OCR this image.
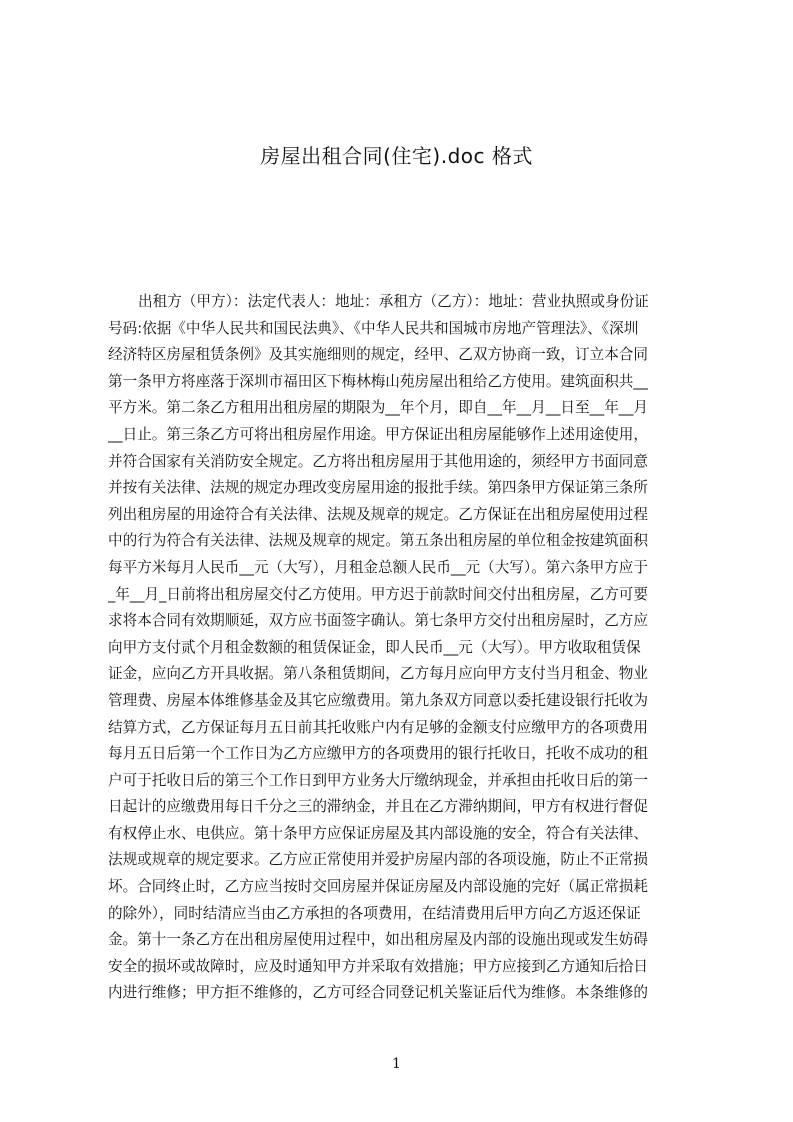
房屋出租合同(住宅).doc 格式
出租方（甲方）：法定代表人：地址：承租方（乙方）：地址：营业执照或身份证
号码:依据《中华人民共和国民法典》、《中华人民共和国城市房地产管理法》、《深圳
经济特区房屋租赁条例》及其实施细则的规定，经甲、乙双方协商一致，订立本合同
第一条甲方将座落于深圳市福田区下梅林梅山苑房屋出租给乙方使用。建筑面积共__
平方米。第二条乙方租用出租房屋的期限为__年个月，即自__年__月__日至__年__月
__日止。第三条乙方可将出租房屋作用途。甲方保证出租房屋能够作上述用途使用，
并符合国家有关消防安全规定。乙方将出租房屋用于其他用途的，须经甲方书面同意
并按有关法律、法规的规定办理改变房屋用途的报批手续。第四条甲方保证第三条所
列出租房屋的用途符合有关法律、法规及规章的规定。乙方保证在出租房屋使用过程
中的行为符合有关法律、法规及规章的规定。第五条出租房屋的单位租金按建筑面积
每平方米每月人民币__元（大写），月租金总额人民币__元（大写）。第六条甲方应于
_年__月_日前将出租房屋交付乙方使用。甲方迟于前款时间交付出租房屋，乙方可要
求将本合同有效期顺延，双方应书面签字确认。第七条甲方交付出租房屋时，乙方应
向甲方支付贰个月租金数额的租赁保证金，即人民币__元（大写）。甲方收取租赁保
证金，应向乙方开具收据。第八条租赁期间，乙方每月应向甲方支付当月租金、物业
管理费、房屋本体维修基金及其它应缴费用。第九条双方同意以委托建设银行托收为
结算方式，乙方保证每月五日前其托收账户内有足够的金额支付应缴甲方的各项费用
每月五日后第一个工作日为乙方应缴甲方的各项费用的银行托收日，托收不成功的租
户可于托收日后的第三个工作日到甲方业务大厅缴纳现金，并承担由托收日后的第一
日起计的应缴费用每日千分之三的滞纳金，并且在乙方滞纳期间，甲方有权进行督促
有权停止水、电供应。第十条甲方应保证房屋及其内部设施的安全，符合有关法律、
法规或规章的规定要求。乙方应正常使用并爱护房屋内部的各项设施，防止不正常损
坏。合同终止时，乙方应当按时交回房屋并保证房屋及内部设施的完好（属正常损耗
的除外），同时结清应当由乙方承担的各项费用，在结清费用后甲方向乙方返还保证
金。第十一条乙方在出租房屋使用过程中，如出租房屋及内部的设施出现或发生妨碍
安全的损坏或故障时，应及时通知甲方并采取有效措施；甲方应接到乙方通知后拾日
内进行维修；甲方拒不维修的，乙方可经合同登记机关鉴证后代为维修。本条维修的
1
